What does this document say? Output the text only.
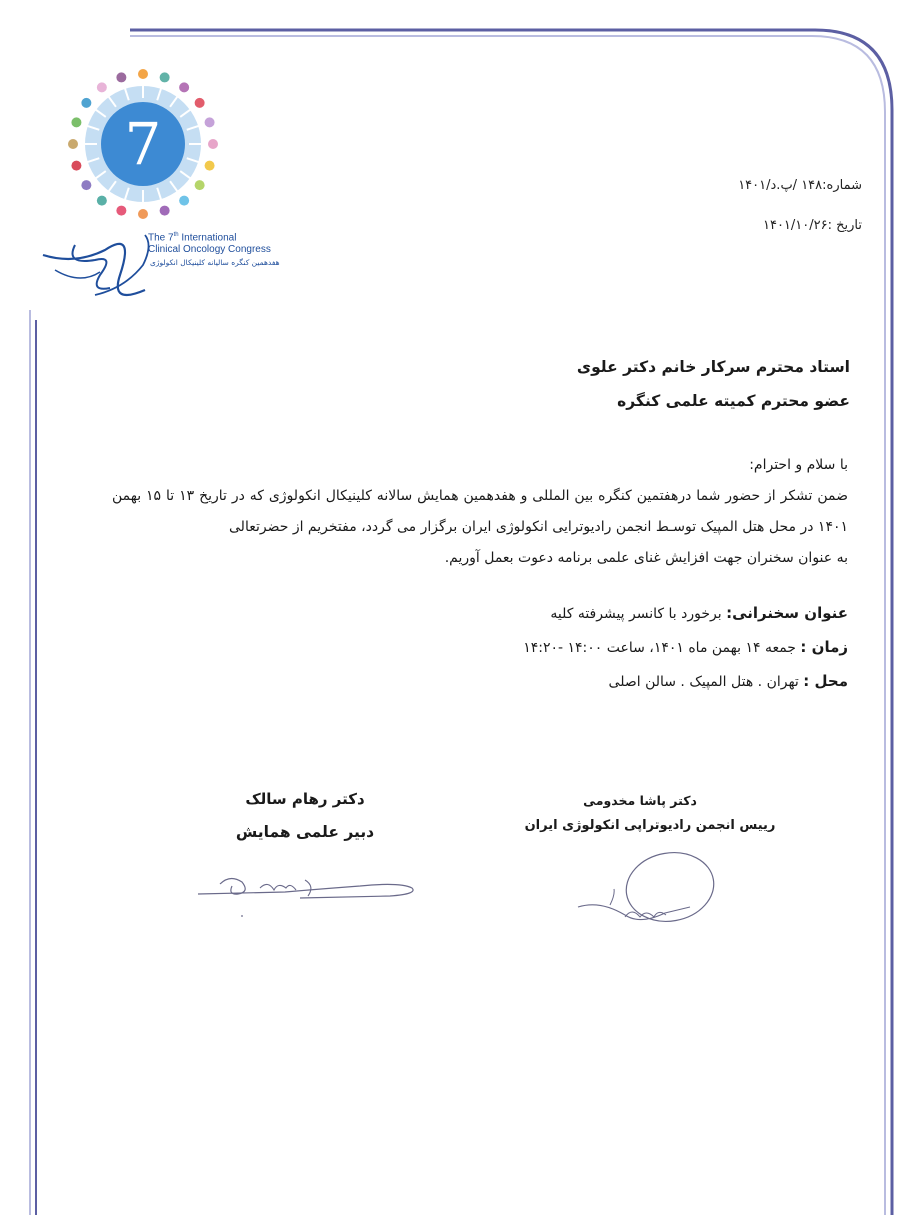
7
The 7th International
Clinical Oncology Congress
هفدهمین کنگره سالیانه کلینیکال انکولوژی
شماره:۱۴۸ /پ.د/۱۴۰۱
تاریخ :۱۴۰۱/۱۰/۲۶
استاد محترم سرکار خانم دکتر علوی
عضو محترم کمیته علمی کنگره

با سلام و احترام:

ضمن تشکر از حضور شما درهفتمین کنگره بین المللی و هفدهمین همایش سالانه کلینیکال انکولوژی که در تاریخ ۱۳ تا ۱۵ بهمن ۱۴۰۱ در محل هتل المپیک توسـط انجمن رادیوترایی انکولوژی ایران برگزار می گردد، مفتخریم از حضرتعالی

به عنوان سخنران جهت افزایش غنای علمی برنامه دعوت بعمل آوریم.

عنوان سخنرانی: برخورد با کانسر پیشرفته کلیه
زمان : جمعه ۱۴ بهمن ماه ۱۴۰۱، ساعت ۱۴:۰۰ -۱۴:۲۰
محل : تهران . هتل المپیک . سالن اصلی
دکتر رهام سالک
دبیر علمی همایش
دکتر پاشا مخدومی
رییس انجمن رادیوتراپی انکولوژی ایران
